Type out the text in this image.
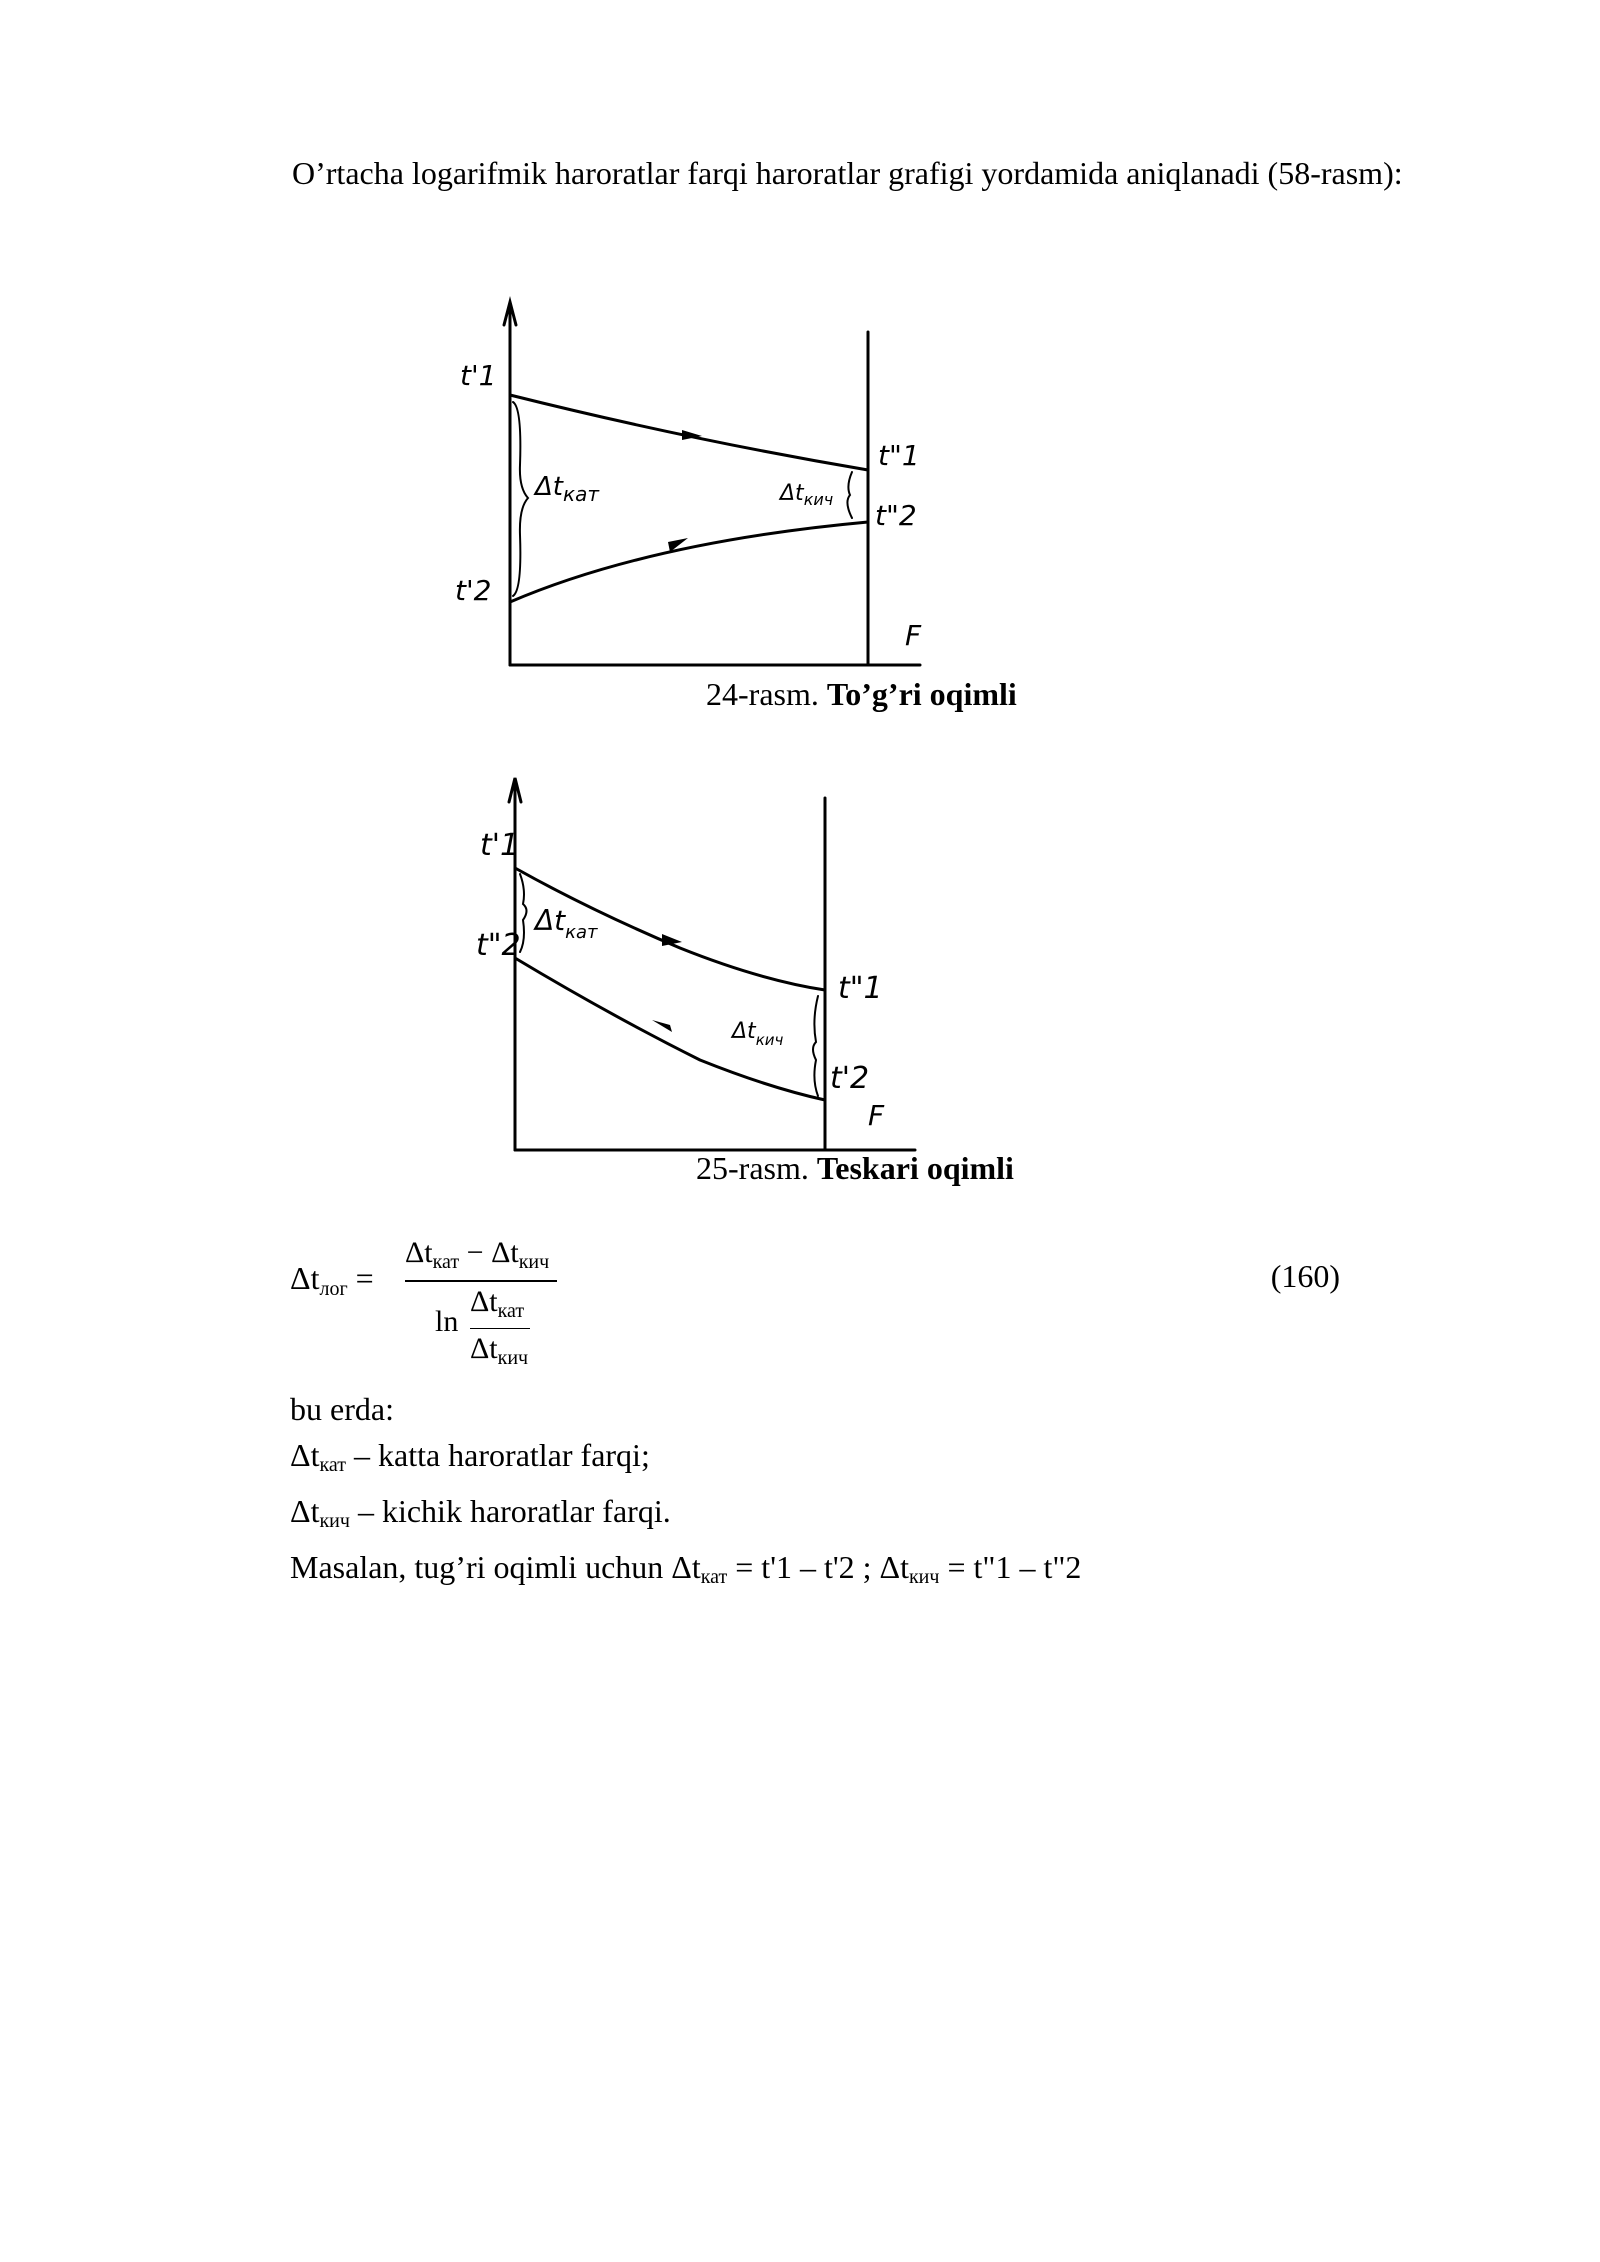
O’rtacha logarifmik haroratlar farqi haroratlar grafigi yordamida aniqlanadi (58-rasm):
t'1
t'2
t"1
t"2
$\Delta t_{кат}$	$\Delta t_{кич}$
F
24-rasm. To’g’ri oqimli
t'1
t"2
t"1
t'2
$\Delta t_{кат}$
$\Delta t_{кич}$
F
25-rasm. Teskari oqimli
$\Delta t_{лог}$ =
$\Delta t_{кат} - \Delta t_{кич}$
ln
$\Delta t_{кат}$
$\Delta t_{кич}$
(160)
bu erda:
$\Delta t_{кат}$ – katta haroratlar farqi;
$\Delta t_{кич}$ – kichik haroratlar farqi.
Masalan, tug’ri oqimli uchun $\Delta t_{кат} = t'1 - t'2$ ; $\Delta t_{кич}$ = t"1 – t"2
